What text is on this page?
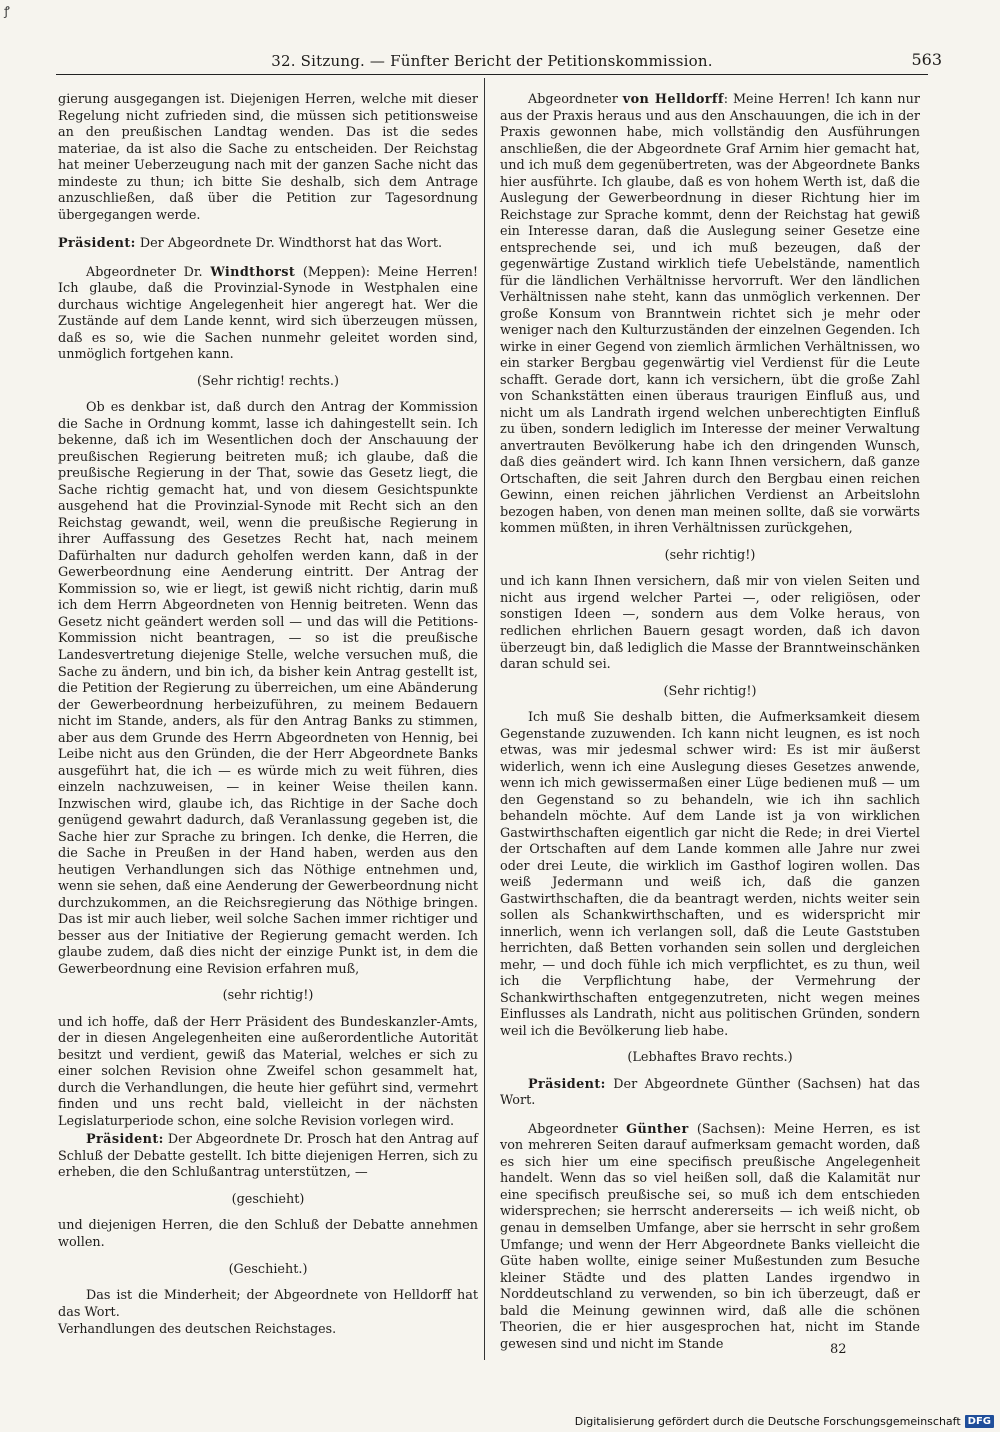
ꝭ
32. Sitzung. — Fünfter Bericht der Petitionskommission.	563

gierung ausgegangen ist. Diejenigen Herren, welche mit dieser Regelung nicht zufrieden sind, die müssen sich petitionsweise an den preußischen Landtag wenden. Das ist die sedes materiae, da ist also die Sache zu entscheiden. Der Reichstag hat meiner Ueberzeugung nach mit der ganzen Sache nicht das mindeste zu thun; ich bitte Sie deshalb, sich dem Antrage anzuschließen, daß über die Petition zur Tagesordnung übergegangen werde.

Präsident: Der Abgeordnete Dr. Windthorst hat das Wort.

Abgeordneter Dr. Windthorst (Meppen): Meine Herren! Ich glaube, daß die Provinzial-Synode in Westphalen eine durchaus wichtige Angelegenheit hier angeregt hat. Wer die Zustände auf dem Lande kennt, wird sich überzeugen müssen, daß es so, wie die Sachen nunmehr geleitet worden sind, unmöglich fortgehen kann.

(Sehr richtig! rechts.)

Ob es denkbar ist, daß durch den Antrag der Kommission die Sache in Ordnung kommt, lasse ich dahingestellt sein. Ich bekenne, daß ich im Wesentlichen doch der Anschauung der preußischen Regierung beitreten muß; ich glaube, daß die preußische Regierung in der That, sowie das Gesetz liegt, die Sache richtig gemacht hat, und von diesem Gesichtspunkte ausgehend hat die Provinzial-Synode mit Recht sich an den Reichstag gewandt, weil, wenn die preußische Regierung in ihrer Auffassung des Gesetzes Recht hat, nach meinem Dafürhalten nur dadurch geholfen werden kann, daß in der Gewerbeordnung eine Aenderung eintritt. Der Antrag der Kommission so, wie er liegt, ist gewiß nicht richtig, darin muß ich dem Herrn Abgeordneten von Hennig beitreten. Wenn das Gesetz nicht geändert werden soll — und das will die Petitions-Kommission nicht beantragen, — so ist die preußische Landesvertretung diejenige Stelle, welche versuchen muß, die Sache zu ändern, und bin ich, da bisher kein Antrag gestellt ist, die Petition der Regierung zu überreichen, um eine Abänderung der Gewerbeordnung herbeizuführen, zu meinem Bedauern nicht im Stande, anders, als für den Antrag Banks zu stimmen, aber aus dem Grunde des Herrn Abgeordneten von Hennig, bei Leibe nicht aus den Gründen, die der Herr Abgeordnete Banks ausgeführt hat, die ich — es würde mich zu weit führen, dies einzeln nachzuweisen, — in keiner Weise theilen kann. Inzwischen wird, glaube ich, das Richtige in der Sache doch genügend gewahrt dadurch, daß Veranlassung gegeben ist, die Sache hier zur Sprache zu bringen. Ich denke, die Herren, die die Sache in Preußen in der Hand haben, werden aus den heutigen Verhandlungen sich das Nöthige entnehmen und, wenn sie sehen, daß eine Aenderung der Gewerbeordnung nicht durchzukommen, an die Reichsregierung das Nöthige bringen. Das ist mir auch lieber, weil solche Sachen immer richtiger und besser aus der Initiative der Regierung gemacht werden. Ich glaube zudem, daß dies nicht der einzige Punkt ist, in dem die Gewerbeordnung eine Revision erfahren muß,

(sehr richtig!)

und ich hoffe, daß der Herr Präsident des Bundeskanzler-Amts, der in diesen Angelegenheiten eine außerordentliche Autorität besitzt und verdient, gewiß das Material, welches er sich zu einer solchen Revision ohne Zweifel schon gesammelt hat, durch die Verhandlungen, die heute hier geführt sind, vermehrt finden und uns recht bald, vielleicht in der nächsten Legislaturperiode schon, eine solche Revision vorlegen wird.

Präsident: Der Abgeordnete Dr. Prosch hat den Antrag auf Schluß der Debatte gestellt. Ich bitte diejenigen Herren, sich zu erheben, die den Schlußantrag unterstützen, —

(geschieht)

und diejenigen Herren, die den Schluß der Debatte annehmen wollen.

(Geschieht.)

Das ist die Minderheit; der Abgeordnete von Helldorff hat das Wort.

Verhandlungen des deutschen Reichstages.

Abgeordneter von Helldorff: Meine Herren! Ich kann nur aus der Praxis heraus und aus den Anschauungen, die ich in der Praxis gewonnen habe, mich vollständig den Ausführungen anschließen, die der Abgeordnete Graf Arnim hier gemacht hat, und ich muß dem gegenübertreten, was der Abgeordnete Banks hier ausführte. Ich glaube, daß es von hohem Werth ist, daß die Auslegung der Gewerbeordnung in dieser Richtung hier im Reichstage zur Sprache kommt, denn der Reichstag hat gewiß ein Interesse daran, daß die Auslegung seiner Gesetze eine entsprechende sei, und ich muß bezeugen, daß der gegenwärtige Zustand wirklich tiefe Uebelstände, namentlich für die ländlichen Verhältnisse hervorruft. Wer den ländlichen Verhältnissen nahe steht, kann das unmöglich verkennen. Der große Konsum von Branntwein richtet sich je mehr oder weniger nach den Kulturzuständen der einzelnen Gegenden. Ich wirke in einer Gegend von ziemlich ärmlichen Verhältnissen, wo ein starker Bergbau gegenwärtig viel Verdienst für die Leute schafft. Gerade dort, kann ich versichern, übt die große Zahl von Schankstätten einen überaus traurigen Einfluß aus, und nicht um als Landrath irgend welchen unberechtigten Einfluß zu üben, sondern lediglich im Interesse der meiner Verwaltung anvertrauten Bevölkerung habe ich den dringenden Wunsch, daß dies geändert wird. Ich kann Ihnen versichern, daß ganze Ortschaften, die seit Jahren durch den Bergbau einen reichen Gewinn, einen reichen jährlichen Verdienst an Arbeitslohn bezogen haben, von denen man meinen sollte, daß sie vorwärts kommen müßten, in ihren Verhältnissen zurückgehen,

(sehr richtig!)

und ich kann Ihnen versichern, daß mir von vielen Seiten und nicht aus irgend welcher Partei —, oder religiösen, oder sonstigen Ideen —, sondern aus dem Volke heraus, von redlichen ehrlichen Bauern gesagt worden, daß ich davon überzeugt bin, daß lediglich die Masse der Branntweinschänken daran schuld sei.

(Sehr richtig!)

Ich muß Sie deshalb bitten, die Aufmerksamkeit diesem Gegenstande zuzuwenden. Ich kann nicht leugnen, es ist noch etwas, was mir jedesmal schwer wird: Es ist mir äußerst widerlich, wenn ich eine Auslegung dieses Gesetzes anwende, wenn ich mich gewissermaßen einer Lüge bedienen muß — um den Gegenstand so zu behandeln, wie ich ihn sachlich behandeln möchte. Auf dem Lande ist ja von wirklichen Gastwirthschaften eigentlich gar nicht die Rede; in drei Viertel der Ortschaften auf dem Lande kommen alle Jahre nur zwei oder drei Leute, die wirklich im Gasthof logiren wollen. Das weiß Jedermann und weiß ich, daß die ganzen Gastwirthschaften, die da beantragt werden, nichts weiter sein sollen als Schankwirthschaften, und es widerspricht mir innerlich, wenn ich verlangen soll, daß die Leute Gaststuben herrichten, daß Betten vorhanden sein sollen und dergleichen mehr, — und doch fühle ich mich verpflichtet, es zu thun, weil ich die Verpflichtung habe, der Vermehrung der Schankwirthschaften entgegenzutreten, nicht wegen meines Einflusses als Landrath, nicht aus politischen Gründen, sondern weil ich die Bevölkerung lieb habe.

(Lebhaftes Bravo rechts.)

Präsident: Der Abgeordnete Günther (Sachsen) hat das Wort.

Abgeordneter Günther (Sachsen): Meine Herren, es ist von mehreren Seiten darauf aufmerksam gemacht worden, daß es sich hier um eine specifisch preußische Angelegenheit handelt. Wenn das so viel heißen soll, daß die Kalamität nur eine specifisch preußische sei, so muß ich dem entschieden widersprechen; sie herrscht andererseits — ich weiß nicht, ob genau in demselben Umfange, aber sie herrscht in sehr großem Umfange; und wenn der Herr Abgeordnete Banks vielleicht die Güte haben wollte, einige seiner Mußestunden zum Besuche kleiner Städte und des platten Landes irgendwo in Norddeutschland zu verwenden, so bin ich überzeugt, daß er bald die Meinung gewinnen wird, daß alle die schönen Theorien, die er hier ausgesprochen hat, nicht im Stande gewesen sind und nicht im Stande	82
Digitalisierung gefördert durch die Deutsche Forschungsgemeinschaft DFG
